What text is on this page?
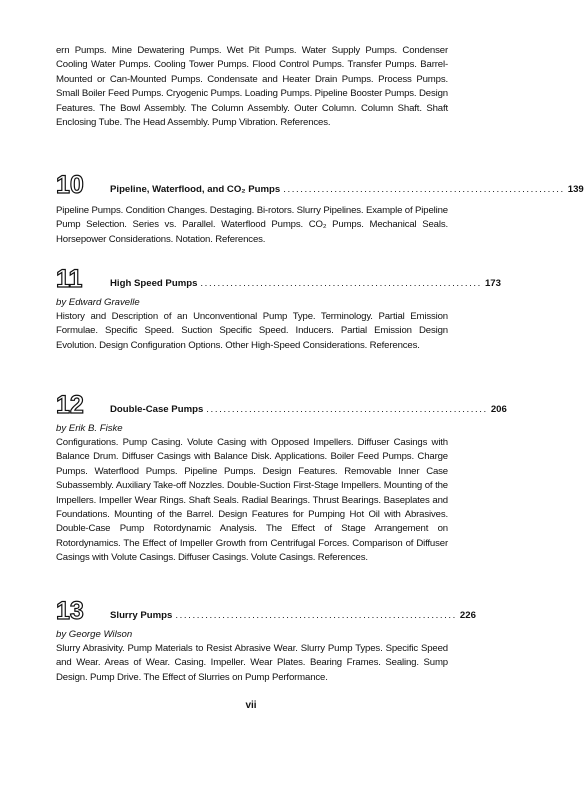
ern Pumps. Mine Dewatering Pumps. Wet Pit Pumps. Water Supply Pumps. Condenser Cooling Water Pumps. Cooling Tower Pumps. Flood Control Pumps. Transfer Pumps. Barrel-Mounted or Can-Mounted Pumps. Condensate and Heater Drain Pumps. Process Pumps. Small Boiler Feed Pumps. Cryogenic Pumps. Loading Pumps. Pipeline Booster Pumps. Design Features. The Bowl Assembly. The Column Assembly. Outer Column. Column Shaft. Shaft Enclosing Tube. The Head Assembly. Pump Vibration. References.
10	Pipeline, Waterflood, and CO₂ Pumps .................................................................. 139
Pipeline Pumps. Condition Changes. Destaging. Bi-rotors. Slurry Pipelines. Example of Pipeline Pump Selection. Series vs. Parallel. Waterflood Pumps. CO₂ Pumps. Mechanical Seals. Horsepower Considerations. Notation. References.
11	High Speed Pumps .................................................................. 173
by Edward Gravelle
History and Description of an Unconventional Pump Type. Terminology. Partial Emission Formulae. Specific Speed. Suction Specific Speed. Inducers. Partial Emission Design Evolution. Design Configuration Options. Other High-Speed Considerations. References.
12	Double-Case Pumps .................................................................. 206
by Erik B. Fiske
Configurations. Pump Casing. Volute Casing with Opposed Impellers. Diffuser Casings with Balance Drum. Diffuser Casings with Balance Disk. Applications. Boiler Feed Pumps. Charge Pumps. Waterflood Pumps. Pipeline Pumps. Design Features. Removable Inner Case Subassembly. Auxiliary Take-off Nozzles. Double-Suction First-Stage Impellers. Mounting of the Impellers. Impeller Wear Rings. Shaft Seals. Radial Bearings. Thrust Bearings. Baseplates and Foundations. Mounting of the Barrel. Design Features for Pumping Hot Oil with Abrasives. Double-Case Pump Rotordynamic Analysis. The Effect of Stage Arrangement on Rotordynamics. The Effect of Impeller Growth from Centrifugal Forces. Comparison of Diffuser Casings with Volute Casings. Diffuser Casings. Volute Casings. References.
13	Slurry Pumps .................................................................. 226
by George Wilson
Slurry Abrasivity. Pump Materials to Resist Abrasive Wear. Slurry Pump Types. Specific Speed and Wear. Areas of Wear. Casing. Impeller. Wear Plates. Bearing Frames. Sealing. Sump Design. Pump Drive. The Effect of Slurries on Pump Performance.
vii
